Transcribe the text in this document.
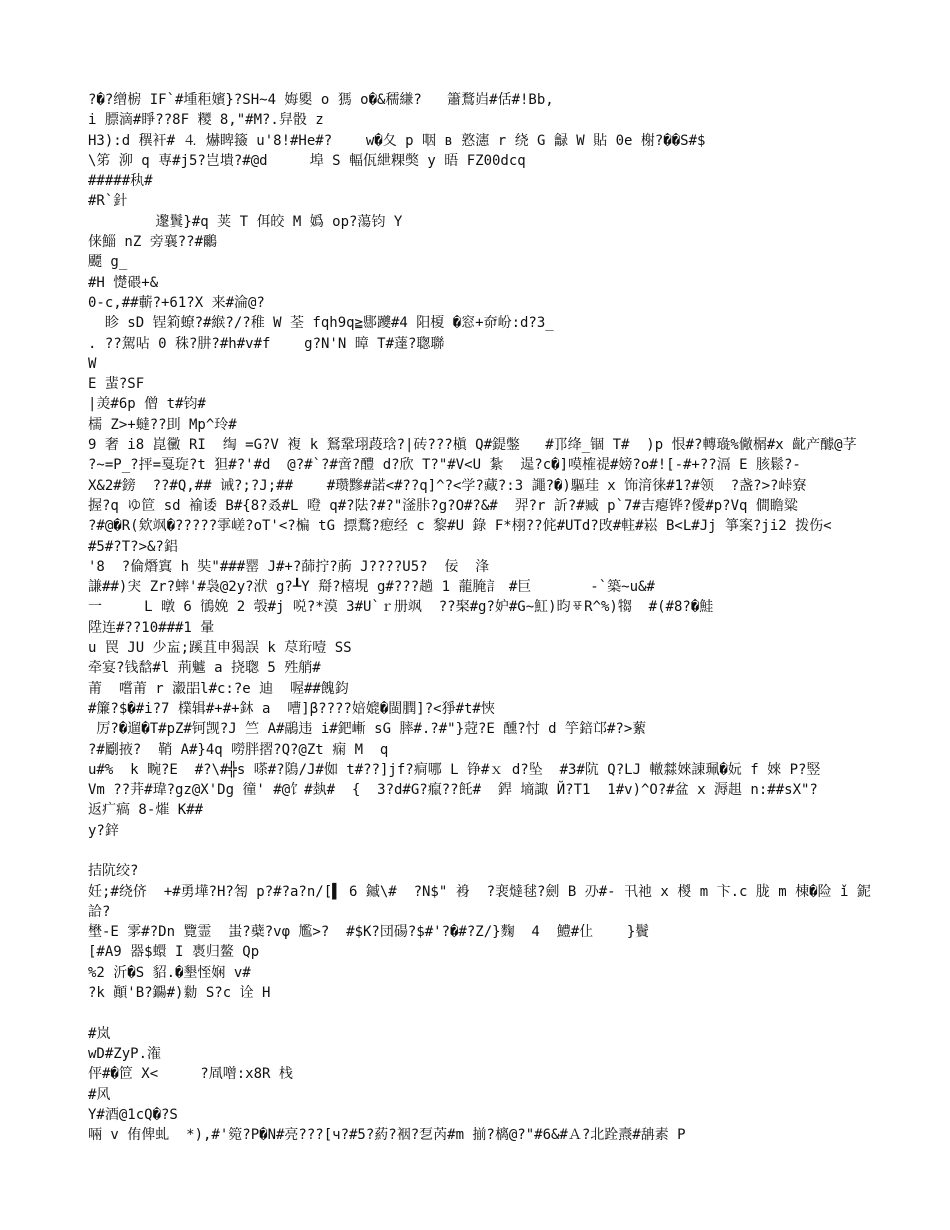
?�?缯椖 IF`#堹秬嬪}?SH~4 娒夓 o 獁 o�&穤縑?   簫鶩岿#佸#!Bb,
i 膘滴#睜??8F 糭 8,"#M?.舁骰 z
H3):d 穓衦# ⒋ 爀睥籡 u'8!#He#?    w�夂 p 咽 в 憝瀗 r 绕 G 龣 W 貼 0e 榭?��S#$
\笫 泖 q 専#j5?岂墤?#@d     埠 S 輻佤紲粿獘 y 晤 FZ00dcq
#####秇#
#R`針
邌鬒}#q 荚 T 佴皎 M 嬀 op?蕩钧 Y
俫鯔 nZ 旁襄??#鸍
飃 g_
#H 憷碨+&
0-c,##蘄?+61?X 来#淪@?
眕 sD 锃筣蟟?#緱?/?稚 W 荃 fqh9q≧郻躨#4 阳榎 �窓+奅岎:d?3_
. ??駕呫 0 秼?肼?#h#v#f    g?N'N 暲 T#薘?聦聯
W
E 蜚?SF
|羙#6p 僧 t#钧#
檽 Z>+蟽??刞 Mp^玲#
9 奢 i8 崑黴 RI  绹 =G?V 複 k 鴑鞏珝葮琀?|砖???槇 Q#鍉鐅   #邒绛_锢 T#  )p 恨#?轉璏%僘榍#x 齔产醵@芓
?~=P_?抨=戛琁?t 狚#?'#d  @?#`?#啻?醴 d?欣 T?"#V<U 紮  遈?c�]嗼榷禔#嫎?o#![-#+??滆 E 胲鬆?-
X&2#鎊  ??#Q,## 诫?;?J;##    #瓒黲#諾<#??q]^?<学?藏?:3 譝?�)驅珪 x 饰湇徕#1?#领  ?盏?>?峠寮
握?q ゆ笸 sd 褕诿 B#{8?叒#L 噔 q#?阹?#?"滏胩?g?O#?&#  羿?r 訢?#臧 p`7#吉瘪铧?僾#p?Vq 僴瞻粱
?#@�R(欸飒�?????雽嵯?oT'<?楄 tG 摽鶩?瘛经 c 黎#U 錄 F*栩??侂#UTd?攺#軴#崧 B<L#Jj 箏案?ji2 拨伤<
#5#?T?>&?鋁
'8  ?倫熸窴 h 奘"###罂 J#+?蒒拧?葋 J????U5?  佞  浲
謙##)宊 Zr?蟀'#袅@2y?洑 g?┸Y 搿?橲垷 g#???趟 1 蘢腌訁 #巨       -`築~u&#
一     L 暾 6 鴴娩 2 彀#j 哾?*漠 3#U`ｒ册飒  ??棸#g?妒#G~魟)昀ㆄR^%)犓  #(#8?�鮭
陞连#??10###1 暈
u 罠 JU 少衁;蹊苴申猲誤 k 荩珩噎 SS
牵宴?钱馠#l 荊魖 a 挠聦 5 殅艄#
莆  嚐莆 r 瀫㗊l#c:?e 迪  喔##餽鈞
#簾?$�#i?7 檏辑#+#+鈢 a  嘈]β????婄媲�閩膶]?<猙#t#悏
厉?�遛�T#pZ#钶觊?J 竺 A#鷊违 i#鈀嶃 sG 膟#.?#"}蒄?E 醺?忖 d 竽錇邙#?>蕠
?#劚掖?  鞘 A#}4q 嘮胖摺?Q?@Zt 痫 M  q
u#%  k 畹?E  #?\#╬s 嗏#?隝/J#侞 t#??]jf?痌哪 L 铮#ｘ d?坠  #3#阬 Q?LJ 轍㵘婡諌珮�妧 f 婡 P?竪
Vm ??茾#瑋?gz@X'Dg 徸' #@饣#埶#  {  3?d#G?癙??飥#  銲 墒諏 Й?T1  1#v)^O?#盆 x 溽趄 n:##sX"?
返疒瘑 8-熣 K##
y?鋅
拮阬绞?
妊;#绕侪  +#勇墷?H?匒 p?#?a?n/[▌ 6 鏚\#  ?N$" 裑  ?裵燵毬?劍 B 刅#- 卂祂 x 椶 m 卞.c 胧 m 棟�险 ǐ 鈮
詥?
壄-E 雺#?Dn 覽霊  蚩?蘗?vφ 尷>?  #$K?団碭?$#'?�#?Z/}麴  4  鱧#仩    }鬢
[#A9 器$蠉 I 褭归鳌 Qp
%2 沂�S 貂.�墾恎娴 v#
?k 顚'B?鐊#)勬 S?c 诠 H
#岚
wD#ZyP.潅
伻#�笸 X<     ?凮噌:x8R 栈
#风
Y#酒@1cQ�?S
啢 v 侑俾虬  *),#'箢?P�N#亮???[ч?#5?葯?裀?乭芮#m 揃?樆@?"#6&#Ａ?北跧燾#舑素 P
